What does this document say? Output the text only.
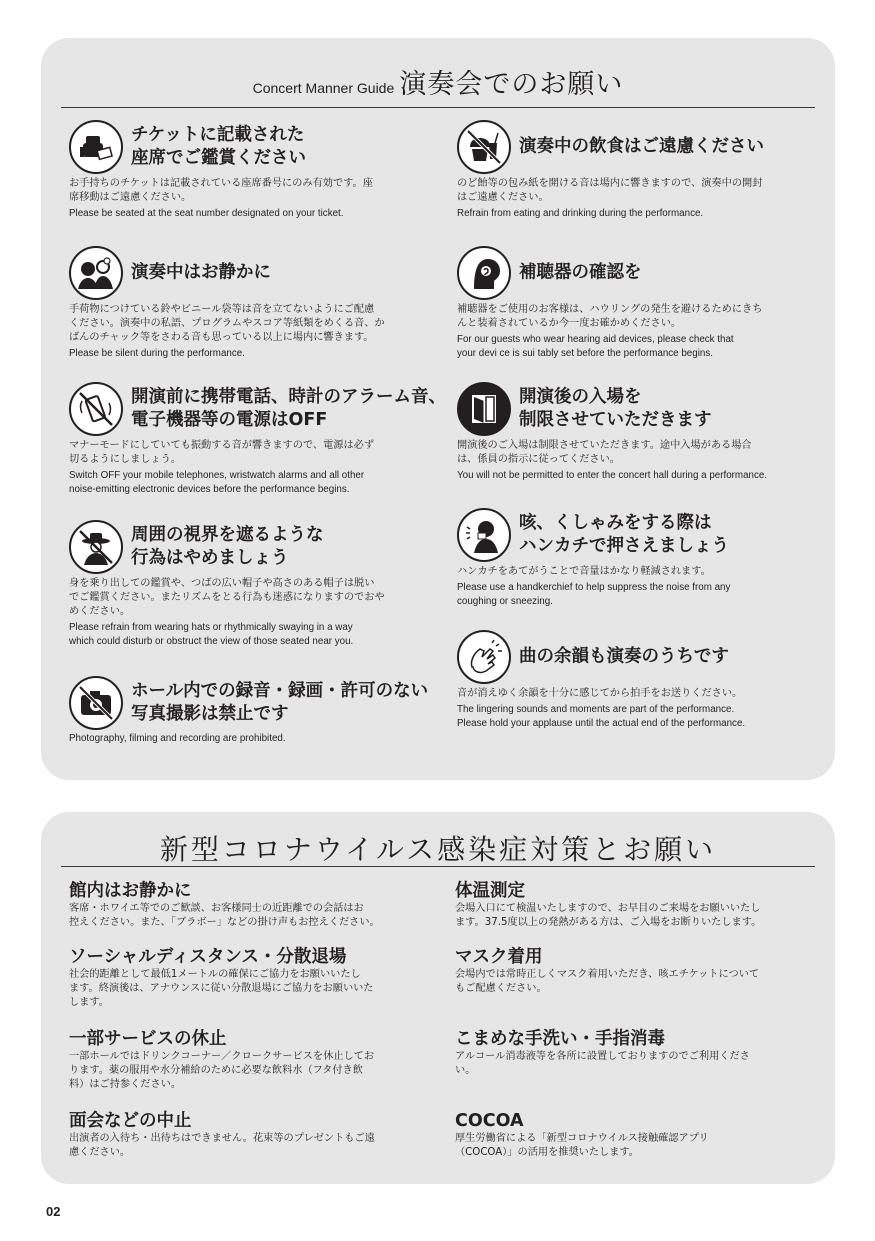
Concert Manner Guide 演奏会でのお願い
チケットに記載された
座席でご鑑賞ください
お手持ちのチケットは記載されている座席番号にのみ有効です。座
席移動はご遠慮ください。
Please be seated at the seat number designated on your ticket.
演奏中はお静かに
手荷物につけている鈴やビニール袋等は音を立てないようにご配慮
ください。演奏中の私語、プログラムやスコア等紙類をめくる音、か
ばんのチャック等をさわる音も思っている以上に場内に響きます。
Please be silent during the performance.
開演前に携帯電話、時計のアラーム音、
電子機器等の電源はOFF
マナーモードにしていても振動する音が響きますので、電源は必ず
切るようにしましょう。
Switch OFF your mobile telephones, wristwatch alarms and all other
noise-emitting electronic devices before the performance begins.
周囲の視界を遮るような
行為はやめましょう
身を乗り出しての鑑賞や、つばの広い帽子や高さのある帽子は脱い
でご鑑賞ください。またリズムをとる行為も迷惑になりますのでおや
めください。
Please refrain from wearing hats or rhythmically swaying in a way
which could disturb or obstruct the view of those seated near you.
ホール内での録音・録画・許可のない
写真撮影は禁止です
Photography, filming and recording are prohibited.
演奏中の飲食はご遠慮ください
のど飴等の包み紙を開ける音は場内に響きますので、演奏中の開封
はご遠慮ください。
Refrain from eating and drinking during the performance.
補聴器の確認を
補聴器をご使用のお客様は、ハウリングの発生を避けるためにきち
んと装着されているか今一度お確かめください。
For our guests who wear hearing aid devices, please check that
your devi ce is sui tably set before the performance begins.
開演後の入場を
制限させていただきます
開演後のご入場は制限させていただきます。途中入場がある場合
は、係員の指示に従ってください。
You will not be permitted to enter the concert hall during a performance.
咳、くしゃみをする際は
ハンカチで押さえましょう
ハンカチをあてがうことで音量はかなり軽減されます。
Please use a handkerchief to help suppress the noise from any
coughing or sneezing.
曲の余韻も演奏のうちです
音が消えゆく余韻を十分に感じてから拍手をお送りください。
The lingering sounds and moments are part of the performance.
Please hold your applause until the actual end of the performance.
新型コロナウイルス感染症対策とお願い
館内はお静かに
客席・ホワイエ等でのご歓談、お客様同士の近距離での会話はお
控えください。また、「ブラボー」などの掛け声もお控えください。
ソーシャルディスタンス・分散退場
社会的距離として最低1メートルの確保にご協力をお願いいたし
ます。終演後は、アナウンスに従い分散退場にご協力をお願いいた
します。
一部サービスの休止
一部ホールではドリンクコーナー／クロークサービスを休止してお
ります。薬の服用や水分補給のために必要な飲料水（フタ付き飲
料）はご持参ください。
面会などの中止
出演者の入待ち・出待ちはできません。花束等のプレゼントもご遠
慮ください。
体温測定
会場入口にて検温いたしますので、お早目のご来場をお願いいたし
ます。37.5度以上の発熱がある方は、ご入場をお断りいたします。
マスク着用
会場内では常時正しくマスク着用いただき、咳エチケットについて
もご配慮ください。
こまめな手洗い・手指消毒
アルコール消毒液等を各所に設置しておりますのでご利用くださ
い。
COCOA
厚生労働省による「新型コロナウイルス接触確認アプリ
（COCOA）」の活用を推奨いたします。
02
